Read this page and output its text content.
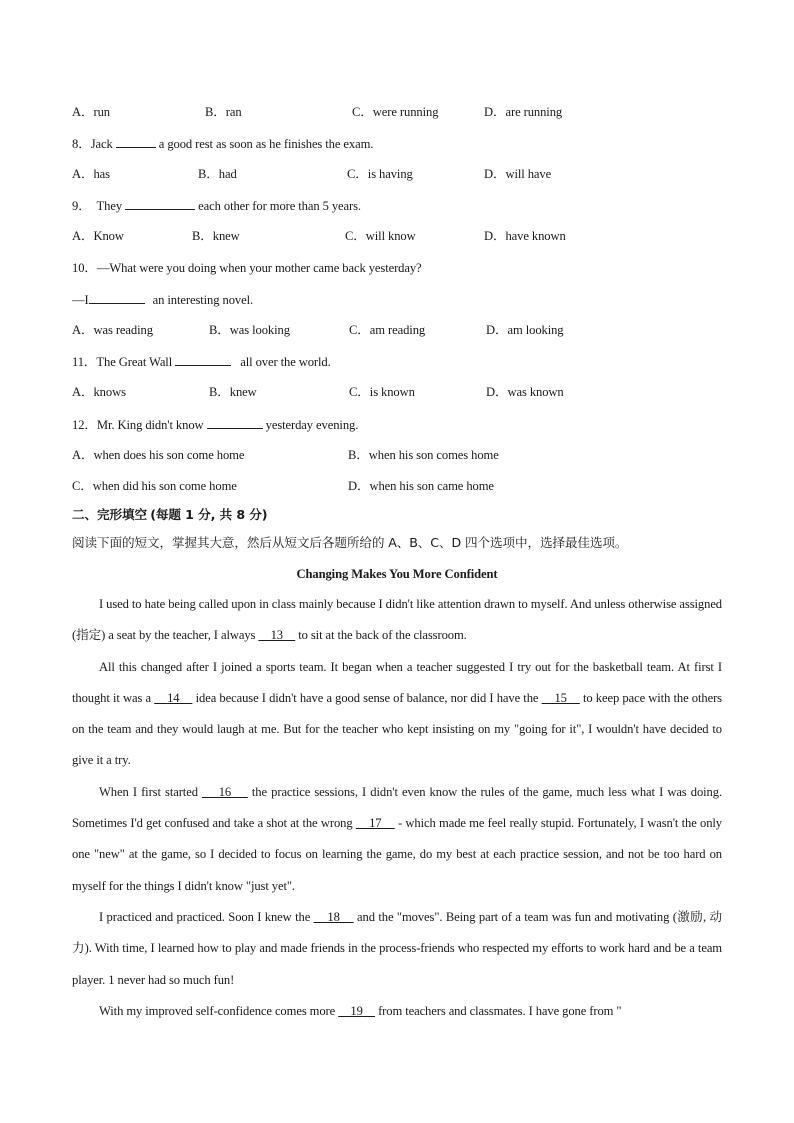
A．run	B．ran	C．were running	D．are running
8．Jack	a good rest as soon as he finishes the exam.
A．has	B．had	C．is having	D．will have
9．  They	each other for more than 5 years.
A．Know	B．knew	C．will know	D．have known
10．—What were you doing when your mother came back yesterday?
—I	an interesting novel.
A．was reading	B．was looking	C．am reading	D．am looking
11．The Great Wall	all over the world.
A．knows	B．knew	C．is known	D．was known
12．Mr. King didn't know	yesterday evening.
A．when does his son come home	B．when his son comes home
C．when did his son come home	D．when his son came home
二、完形填空 (每题 1 分, 共 8 分)
阅读下面的短文，掌握其大意，然后从短文后各题所给的 A、B、C、D 四个选项中，选择最佳选项。
Changing Makes You More Confident

I used to hate being called upon in class mainly because I didn't like attention drawn to myself. And unless otherwise assigned (指定) a seat by the teacher, I always     13     to sit at the back of the classroom.

All this changed after I joined a sports team. It began when a teacher suggested I try out for the basketball team. At first I thought it was a     14     idea because I didn't have a good sense of balance, nor did I have the     15     to keep pace with the others on the team and they would laugh at me. But for the teacher who kept insisting on my "going for it", I wouldn't have decided to give it a try.

When I first started     16     the practice sessions, I didn't even know the rules of the game, much less what I was doing. Sometimes I'd get confused and take a shot at the wrong     17     - which made me feel really stupid. Fortunately, I wasn't the only one "new" at the game, so I decided to focus on learning the game, do my best at each practice session, and not be too hard on myself for the things I didn't know "just yet".

I practiced and practiced. Soon I knew the     18     and the "moves". Being part of a team was fun and motivating (激励, 动力). With time, I learned how to play and made friends in the process-friends who respected my efforts to work hard and be a team player. 1 never had so much fun!

With my improved self-confidence comes more     19     from teachers and classmates. I have gone from "
